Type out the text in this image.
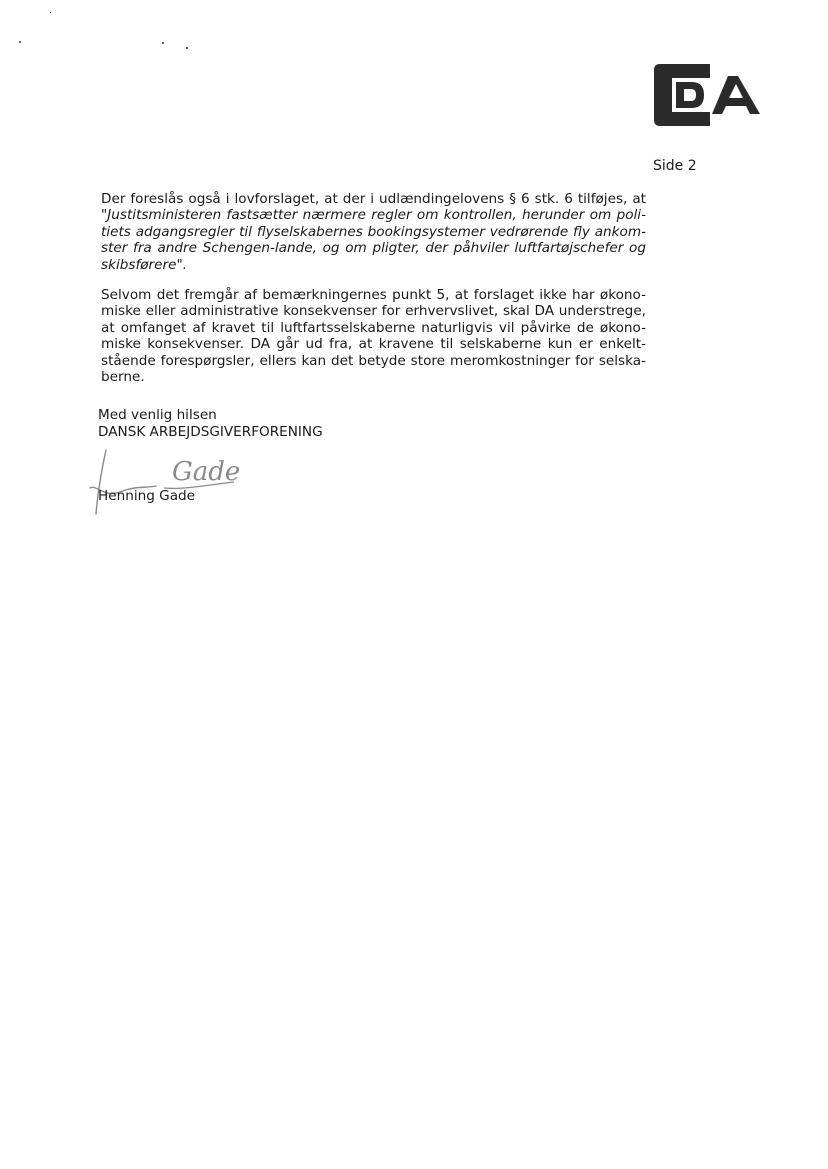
Side 2

Der foreslås også i lovforslaget, at der i udlændingelovens § 6 stk. 6 tilføjes, at "Justitsministeren fastsætter nærmere regler om kontrollen, herunder om poli-tiets adgangsregler til flyselskabernes bookingsystemer vedrørende fly ankom-ster fra andre Schengen-lande, og om pligter, der påhviler luftfartøjschefer og skibsførere".

Selvom det fremgår af bemærkningernes punkt 5, at forslaget ikke har økono-miske eller administrative konsekvenser for erhvervslivet, skal DA understrege, at omfanget af kravet til luftfartsselskaberne naturligvis vil påvirke de økono-miske konsekvenser. DA går ud fra, at kravene til selskaberne kun er enkelt-stående forespørgsler, ellers kan det betyde store meromkostninger for selska-berne.

Med venlig hilsen
DANSK ARBEJDSGIVERFORENING
Gade
Henning Gade
